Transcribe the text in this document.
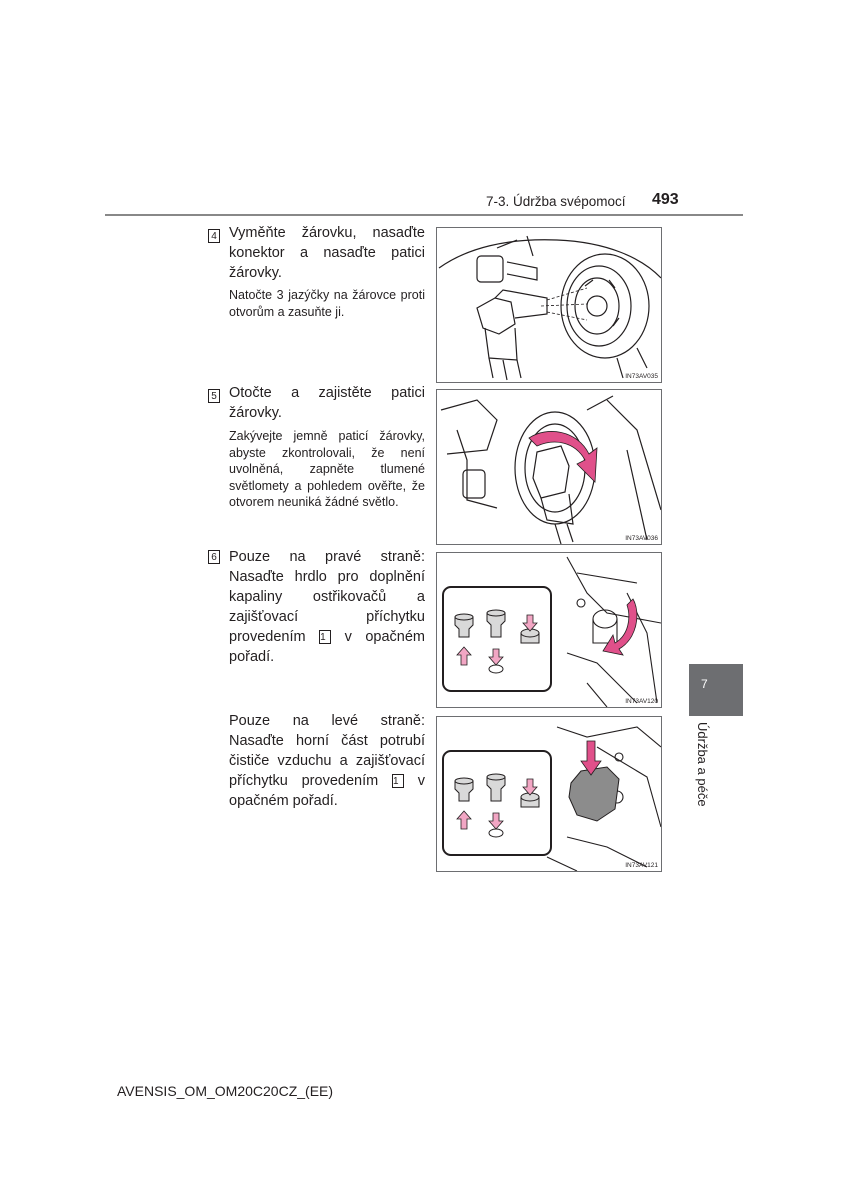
7-3. Údržba svépomocí 493
4 Vyměňte žárovku, nasaďte konektor a nasaďte patici žárovky.
Natočte 3 jazýčky na žárovce proti otvorům a zasuňte ji.
IN73AV035
5 Otočte a zajistěte patici žárovky.
Zakývejte jemně paticí žárovky, abyste zkontrolovali, že není uvolněná, zapněte tlumené světlomety a pohledem ověřte, že otvorem neuniká žádné světlo.
IN73AV036
6 Pouze na pravé straně: Nasaďte hrdlo pro doplnění kapaliny ostřikovačů a zajišťovací příchytku provedením 1 v opačném pořadí.
IN73AV120
Pouze na levé straně: Nasaďte horní část potrubí čističe vzduchu a zajišťovací příchytku provedením 1 v opačném pořadí.
IN73AV121
7
Údržba a péče
AVENSIS_OM_OM20C20CZ_(EE)
